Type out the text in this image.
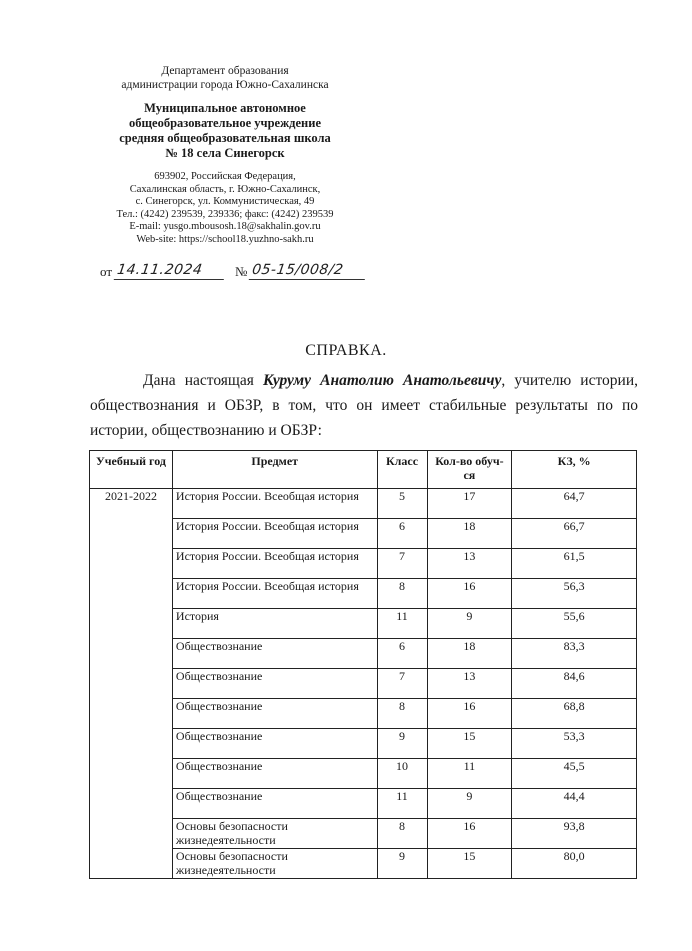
Департамент образования
администрации города Южно-Сахалинска
Муниципальное автономное
общеобразовательное учреждение
средняя общеобразовательная школа
№ 18 села Синегорск
693902, Российская Федерация,
Сахалинская область, г. Южно-Сахалинск,
с. Синегорск, ул. Коммунистическая, 49
Тел.: (4242) 239539, 239336; факс: (4242) 239539
E-mail: yusgo.mbousosh.18@sakhalin.gov.ru
Web-site: https://school18.yuzhno-sakh.ru
от 14.11.2024	№ 05-15/008/2
СПРАВКА.

Дана настоящая Куруму Анатолию Анатольевичу, учителю истории, обществознания и ОБЗР, в том, что он имеет стабильные результаты по по истории, обществознанию и ОБЗР:

Учебный год	Предмет	Класс	Кол-во обуч-ся	КЗ, %
2021-2022	История России. Всеобщая история	5	17	64,7
	История России. Всеобщая история	6	18	66,7
	История России. Всеобщая история	7	13	61,5
	История России. Всеобщая история	8	16	56,3
	История	11	9	55,6
	Обществознание	6	18	83,3
	Обществознание	7	13	84,6
	Обществознание	8	16	68,8
	Обществознание	9	15	53,3
	Обществознание	10	11	45,5
	Обществознание	11	9	44,4
	Основы безопасности жизнедеятельности	8	16	93,8
	Основы безопасности жизнедеятельности	9	15	80,0
